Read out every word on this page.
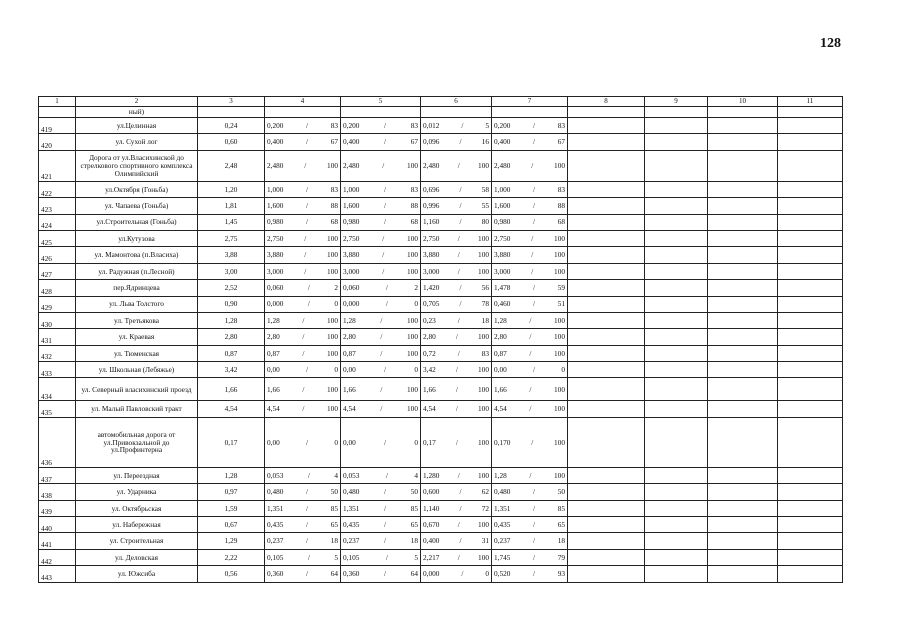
128
1	2	3	4	5	6	7	8	9	10	11
	ный)									
419	ул.Целинная	0,24	0,200 / 83	0,200 / 83	0,012 / 5	0,200 / 83				

420	ул. Сухой лог	0,60	0,400 / 67	0,400 / 67	0,096 / 16	0,400 / 67				

421	Дорога от ул.Власихинской до стрелкового спортивного комплекса Олимпийский	2,48	2,480 / 100	2,480 / 100	2,480 / 100	2,480 / 100				

422	ул.Октября (Гоньба)	1,20	1,000 / 83	1,000 / 83	0,696 / 58	1,000 / 83				

423	ул. Чапаева (Гоньба)	1,81	1,600 / 88	1,600 / 88	0,996 / 55	1,600 / 88				

424	ул.Строительная (Гоньба)	1,45	0,980 / 68	0,980 / 68	1,160 / 80	0,980 / 68				

425	ул.Кутузова	2,75	2,750 / 100	2,750 / 100	2,750 / 100	2,750 / 100				

426	ул. Мамонтова (п.Власиха)	3,88	3,880 / 100	3,880 / 100	3,880 / 100	3,880 / 100				

427	ул. Радужная (п.Лесной)	3,00	3,000 / 100	3,000 / 100	3,000 / 100	3,000 / 100				

428	пер.Ядринцева	2,52	0,060 / 2	0,060 / 2	1,420 / 56	1,478 / 59				

429	ул. Льва Толстого	0,90	0,000 / 0	0,000 / 0	0,705 / 78	0,460 / 51				

430	ул. Третьякова	1,28	1,28 / 100	1,28 / 100	0,23 / 18	1,28 / 100				

431	ул. Краевая	2,80	2,80 / 100	2,80 / 100	2,80 / 100	2,80 / 100				

432	ул. Тюменская	0,87	0,87 / 100	0,87 / 100	0,72 / 83	0,87 / 100				

433	ул. Школьная (Лебяжье)	3,42	0,00 / 0	0,00 / 0	3,42 / 100	0,00 / 0				

434	ул. Северный власихинский проезд	1,66	1,66 / 100	1,66 / 100	1,66 / 100	1,66 / 100				

435	ул. Малый Павловский тракт	4,54	4,54 / 100	4,54 / 100	4,54 / 100	4,54 / 100				

436	автомобильная дорога от ул.Привокзальной до ул.Профинтерна	0,17	0,00 / 0	0,00 / 0	0,17 / 100	0,170 / 100				

437	ул. Переездная	1,28	0,053 / 4	0,053 / 4	1,280 / 100	1,28 / 100				

438	ул. Ударника	0,97	0,480 / 50	0,480 / 50	0,600 / 62	0,480 / 50				

439	ул. Октябрьская	1,59	1,351 / 85	1,351 / 85	1,140 / 72	1,351 / 85				

440	ул. Набережная	0,67	0,435 / 65	0,435 / 65	0,670 / 100	0,435 / 65				

441	ул. Строительная	1,29	0,237 / 18	0,237 / 18	0,400 / 31	0,237 / 18				

442	ул. Деловская	2,22	0,105 / 5	0,105 / 5	2,217 / 100	1,745 / 79				

443	ул. Южсиба	0,56	0,360 / 64	0,360 / 64	0,000 / 0	0,520 / 93				
